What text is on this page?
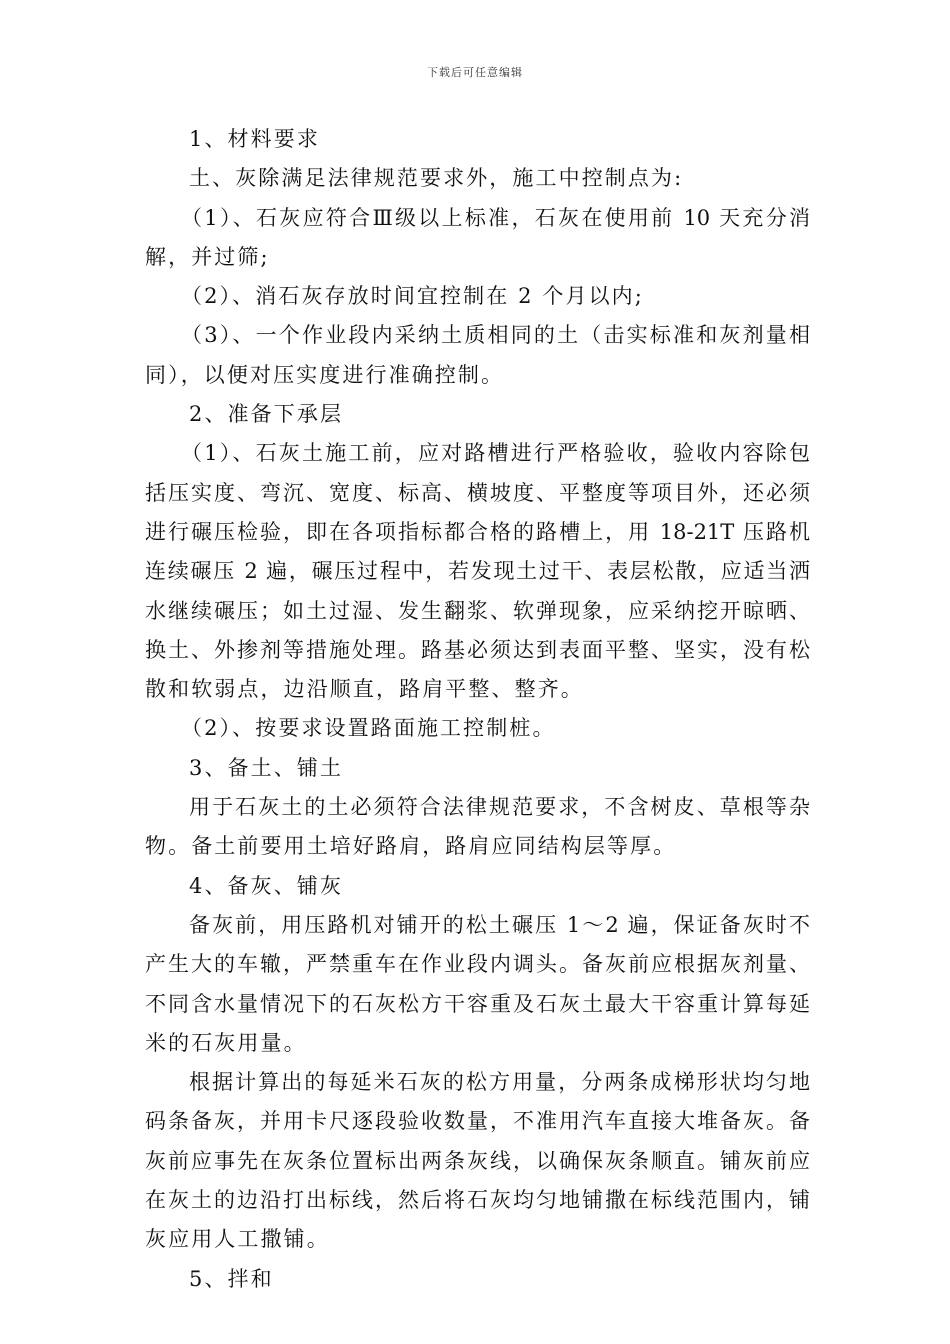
下载后可任意编辑
1、材料要求
土、灰除满足法律规范要求外，施工中控制点为:
（1）、石灰应符合Ⅲ级以上标准，石灰在使用前 10 天充分消
解，并过筛;
（2）、消石灰存放时间宜控制在 2 个月以内;
（3）、一个作业段内采纳土质相同的土（击实标准和灰剂量相
同），以便对压实度进行准确控制。
2、准备下承层
（1）、石灰土施工前，应对路槽进行严格验收，验收内容除包
括压实度、弯沉、宽度、标高、横坡度、平整度等项目外，还必须
进行碾压检验，即在各项指标都合格的路槽上，用 18-21T 压路机
连续碾压 2 遍，碾压过程中，若发现土过干、表层松散，应适当洒
水继续碾压；如土过湿、发生翻浆、软弹现象，应采纳挖开晾晒、
换土、外掺剂等措施处理。路基必须达到表面平整、坚实，没有松
散和软弱点，边沿顺直，路肩平整、整齐。
（2）、按要求设置路面施工控制桩。
3、备土、铺土
用于石灰土的土必须符合法律规范要求，不含树皮、草根等杂
物。备土前要用土培好路肩，路肩应同结构层等厚。
4、备灰、铺灰
备灰前，用压路机对铺开的松土碾压 1～2 遍，保证备灰时不
产生大的车辙，严禁重车在作业段内调头。备灰前应根据灰剂量、
不同含水量情况下的石灰松方干容重及石灰土最大干容重计算每延
米的石灰用量。
根据计算出的每延米石灰的松方用量，分两条成梯形状均匀地
码条备灰，并用卡尺逐段验收数量，不准用汽车直接大堆备灰。备
灰前应事先在灰条位置标出两条灰线，以确保灰条顺直。铺灰前应
在灰土的边沿打出标线，然后将石灰均匀地铺撒在标线范围内，铺
灰应用人工撒铺。
5、拌和
